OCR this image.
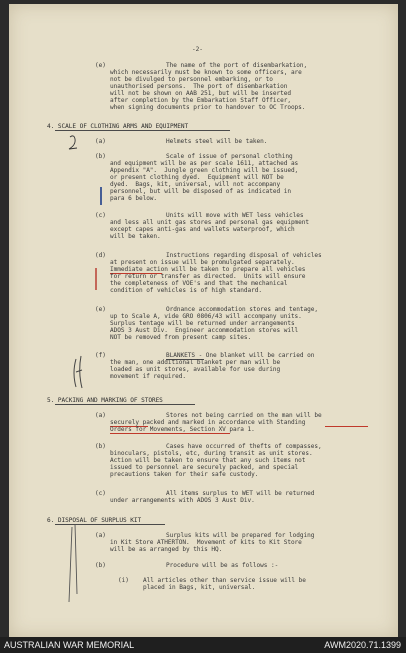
-2-
(e)	The name of the port of disembarkation,
which necessarily must be known to some officers, are
not be divulged to personnel embarking, or to
unauthorised persons.  The port of disembarkation
will not be shown on AAB 251, but will be inserted
after completion by the Embarkation Staff Officer,
when signing documents prior to handover to OC Troops.
4. SCALE OF CLOTHING ARMS AND EQUIPMENT
(a)	Helmets steel will be taken.
(b)	Scale of issue of personal clothing
and equipment will be as per scale 1611, attached as
Appendix "A".  Jungle green clothing will be issued,
or present clothing dyed.  Equipment will NOT be
dyed.  Bags, kit, universal, will not accompany
personnel, but will be disposed of as indicated in
para 6 below.
(c)	Units will move with WET less vehicles
and less all unit gas stores and personal gas equipment
except capes anti-gas and wallets waterproof, which
will be taken.
(d)	Instructions regarding disposal of vehicles
at present on issue will be promulgated separately.
Immediate action will be taken to prepare all vehicles
for return or transfer as directed.  Units will ensure
the completeness of VOE's and that the mechanical
condition of vehicles is of high standard.
(e)	Ordnance accommodation stores and tentage,
up to Scale A, vide GRO 0806/43 will accompany units.
Surplus tentage will be returned under arrangements
ADOS 3 Aust Div.  Engineer accommodation stores will
NOT be removed from present camp sites.
(f)	BLANKETS - One blanket will be carried on
the man, one additional blanket per man will be
loaded as unit stores, available for use during
movement if required.
5. PACKING AND MARKING OF STORES
(a)	Stores not being carried on the man will be
securely packed and marked in accordance with Standing
Orders for Movements, Section XV para 1.
(b)	Cases have occurred of thefts of compasses,
binoculars, pistols, etc, during transit as unit stores.
Action will be taken to ensure that any such items not
issued to personnel are securely packed, and special
precautions taken for their safe custody.
(c)	All items surplus to WET will be returned
under arrangements with ADOS 3 Aust Div.
6. DISPOSAL OF SURPLUS KIT
(a)	Surplus kits will be prepared for lodging
in Kit Store ATHERTON.  Movement of kits to Kit Store
will be as arranged by this HQ.
(b)	Procedure will be as follows :-
(i) All articles other than service issue will be
placed in Bags, kit, universal.
AUSTRALIAN WAR MEMORIAL	AWM2020.71.1399
